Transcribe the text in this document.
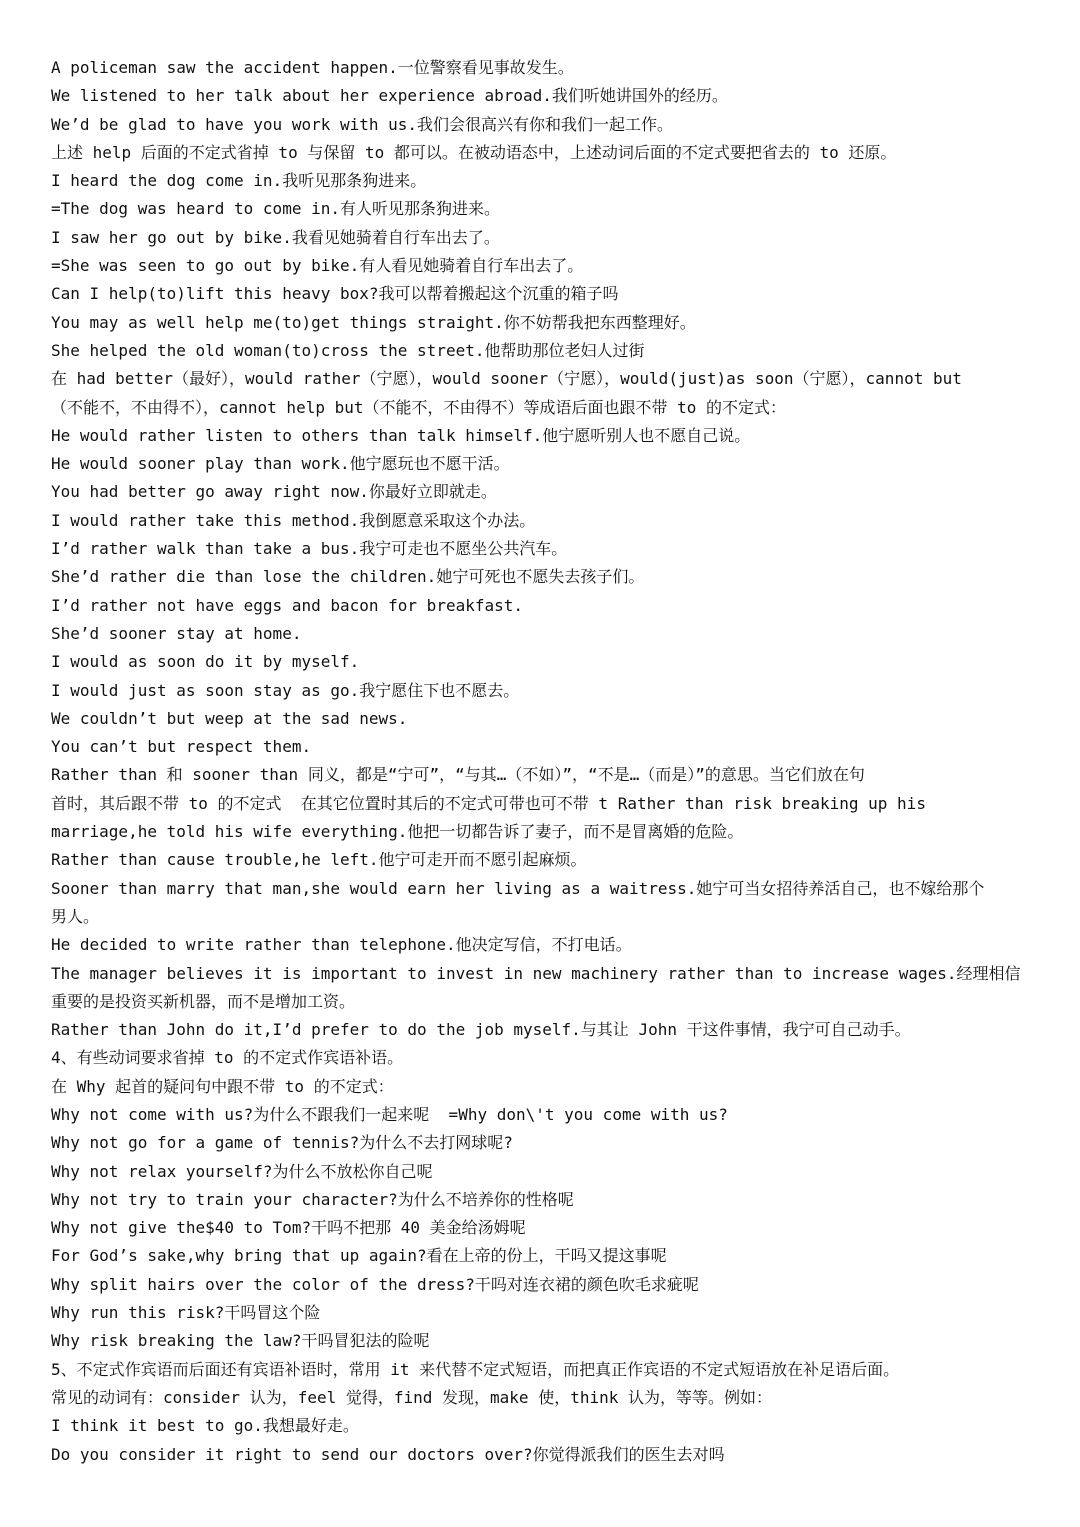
A policeman saw the accident happen.一位警察看见事故发生。
We listened to her talk about her experience abroad.我们听她讲国外的经历。
We’d be glad to have you work with us.我们会很高兴有你和我们一起工作。
上述 help 后面的不定式省掉 to 与保留 to 都可以。在被动语态中，上述动词后面的不定式要把省去的 to 还原。
I heard the dog come in.我听见那条狗进来。
=The dog was heard to come in.有人听见那条狗进来。
I saw her go out by bike.我看见她骑着自行车出去了。
=She was seen to go out by bike.有人看见她骑着自行车出去了。
Can I help(to)lift this heavy box?我可以帮着搬起这个沉重的箱子吗
You may as well help me(to)get things straight.你不妨帮我把东西整理好。
She helped the old woman(to)cross the street.他帮助那位老妇人过街
在 had better（最好），would rather（宁愿），would sooner（宁愿），would(just)as soon（宁愿），cannot but
（不能不，不由得不），cannot help but（不能不，不由得不）等成语后面也跟不带 to 的不定式：
He would rather listen to others than talk himself.他宁愿听别人也不愿自己说。
He would sooner play than work.他宁愿玩也不愿干活。
You had better go away right now.你最好立即就走。
I would rather take this method.我倒愿意采取这个办法。
I’d rather walk than take a bus.我宁可走也不愿坐公共汽车。
She’d rather die than lose the children.她宁可死也不愿失去孩子们。
I’d rather not have eggs and bacon for breakfast.
She’d sooner stay at home.
I would as soon do it by myself.
I would just as soon stay as go.我宁愿住下也不愿去。
We couldn’t but weep at the sad news.
You can’t but respect them.
Rather than 和 sooner than 同义，都是“宁可”，“与其…（不如）”，“不是…（而是）”的意思。当它们放在句
首时，其后跟不带 to 的不定式  在其它位置时其后的不定式可带也可不带 t Rather than risk breaking up his
marriage,he told his wife everything.他把一切都告诉了妻子，而不是冒离婚的危险。
Rather than cause trouble,he left.他宁可走开而不愿引起麻烦。
Sooner than marry that man,she would earn her living as a waitress.她宁可当女招待养活自己，也不嫁给那个
男人。
He decided to write rather than telephone.他决定写信，不打电话。
The manager believes it is important to invest in new machinery rather than to increase wages.经理相信
重要的是投资买新机器，而不是增加工资。
Rather than John do it,I’d prefer to do the job myself.与其让 John 干这件事情，我宁可自己动手。
4、有些动词要求省掉 to 的不定式作宾语补语。
在 Why 起首的疑问句中跟不带 to 的不定式：
Why not come with us?为什么不跟我们一起来呢  =Why don\'t you come with us?
Why not go for a game of tennis?为什么不去打网球呢?
Why not relax yourself?为什么不放松你自己呢
Why not try to train your character?为什么不培养你的性格呢
Why not give the$40 to Tom?干吗不把那 40 美金给汤姆呢
For God’s sake,why bring that up again?看在上帝的份上，干吗又提这事呢
Why split hairs over the color of the dress?干吗对连衣裙的颜色吹毛求疵呢
Why run this risk?干吗冒这个险
Why risk breaking the law?干吗冒犯法的险呢
5、不定式作宾语而后面还有宾语补语时，常用 it 来代替不定式短语，而把真正作宾语的不定式短语放在补足语后面。
常见的动词有：consider 认为，feel 觉得，find 发现，make 使，think 认为，等等。例如：
I think it best to go.我想最好走。
Do you consider it right to send our doctors over?你觉得派我们的医生去对吗
